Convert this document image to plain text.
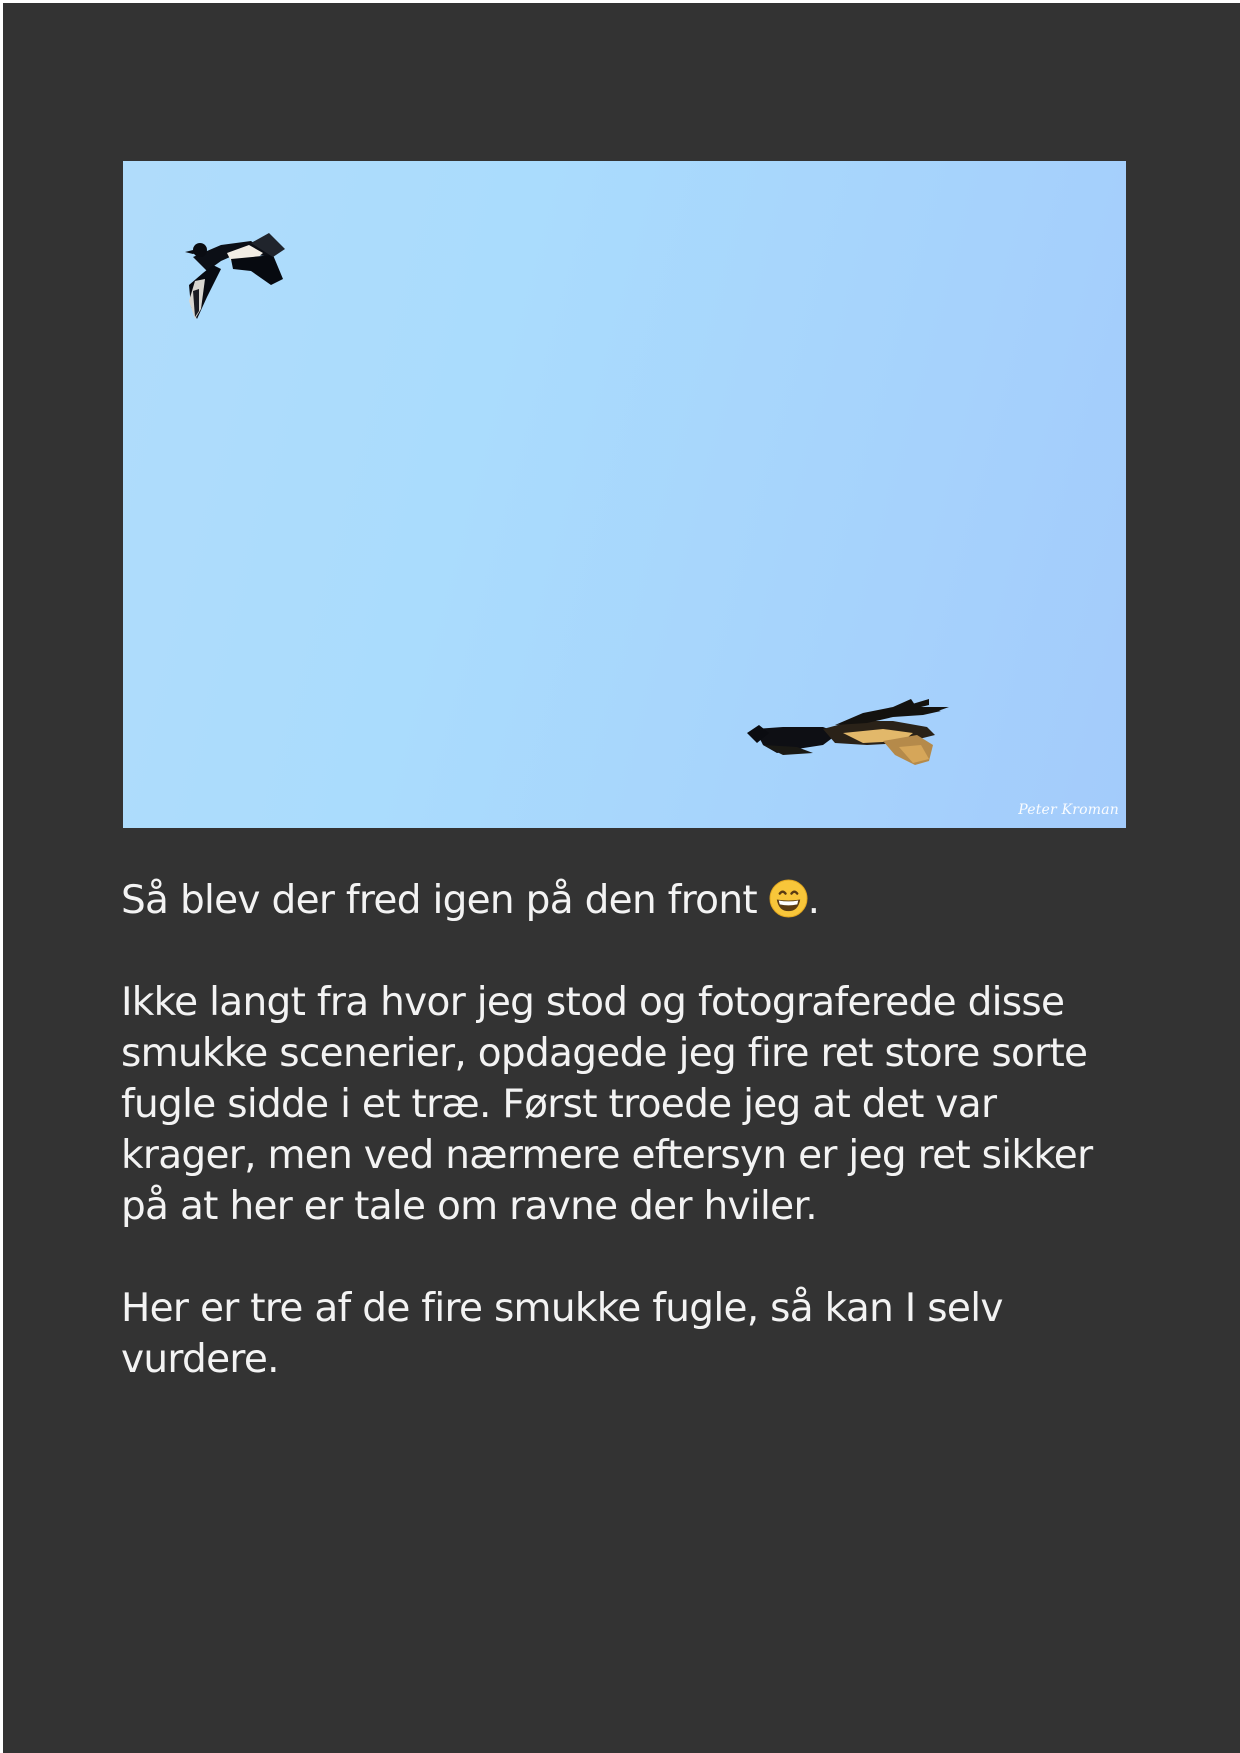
Peter Kroman

Så blev der fred igen på den front .

Ikke langt fra hvor jeg stod og fotograferede disse smukke scenerier, opdagede jeg fire ret store sorte fugle sidde i et træ. Først troede jeg at det var krager, men ved nærmere eftersyn er jeg ret sikker på at her er tale om ravne der hviler.

Her er tre af de fire smukke fugle, så kan I selv vurdere.
